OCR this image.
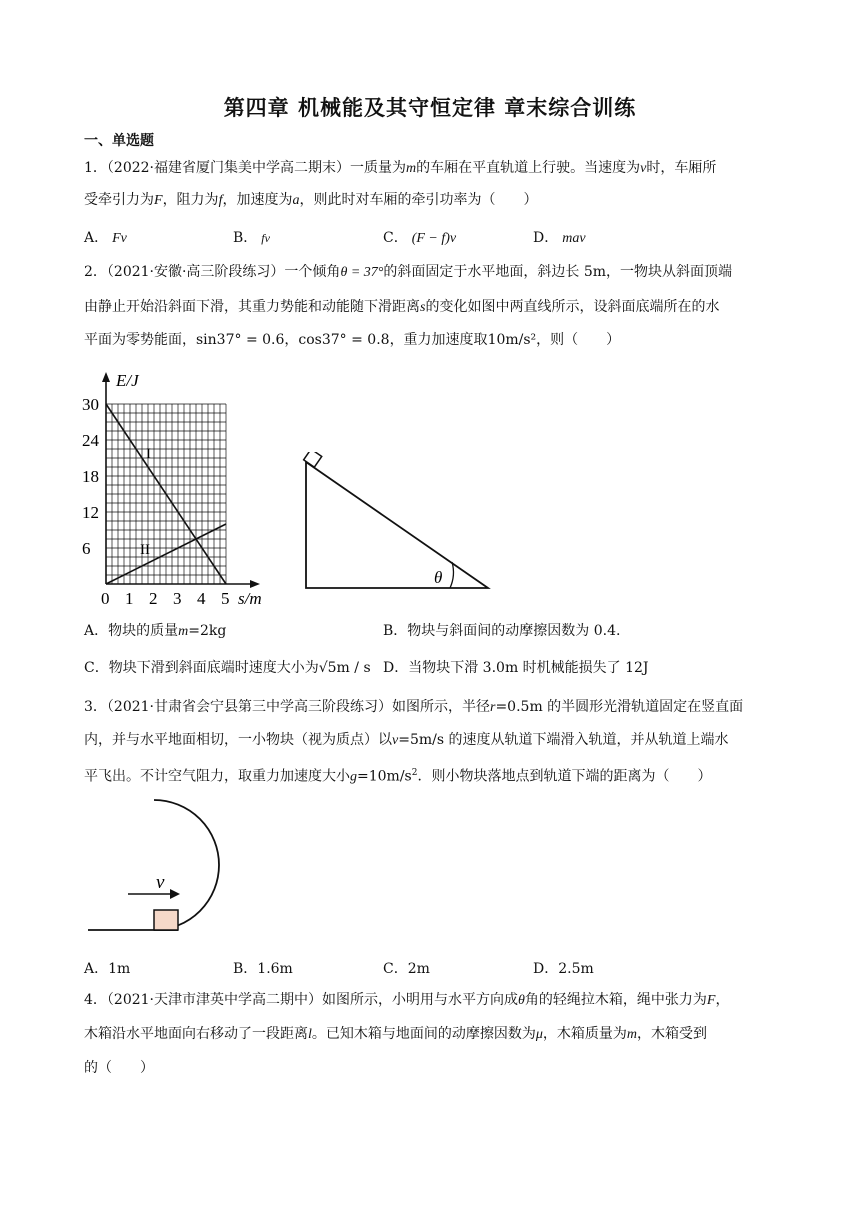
第四章 机械能及其守恒定律 章末综合训练
一、单选题
1．（2022·福建省厦门集美中学高二期末）一质量为m的车厢在平直轨道上行驶。当速度为v时，车厢所
受牵引力为F，阻力为f，加速度为a，则此时对车厢的牵引功率为（　　）
A． Fv	B． fv	C． (F − f)v	D． mav
2．（2021·安徽·高三阶段练习）一个倾角θ = 37°的斜面固定于水平地面，斜边长 5m，一物块从斜面顶端
由静止开始沿斜面下滑，其重力势能和动能随下滑距离s的变化如图中两直线所示，设斜面底端所在的水
平面为零势能面，sin37° = 0.6，cos37° = 0.8，重力加速度取10m/s²，则（　　）
0 1 2 3 4 5
6
12
18
24
30
E/J
s/m
I
II
θ
A．物块的质量m=2kg	B．物块与斜面间的动摩擦因数为 0.4.
C．物块下滑到斜面底端时速度大小为√5m / s D．当物块下滑 3.0m 时机械能损失了 12J
3．（2021·甘肃省会宁县第三中学高三阶段练习）如图所示，半径r=0.5m 的半圆形光滑轨道固定在竖直面
内，并与水平地面相切，一小物块（视为质点）以v=5m/s 的速度从轨道下端滑入轨道，并从轨道上端水
平飞出。不计空气阻力，取重力加速度大小$g=10m/s^2$．则小物块落地点到轨道下端的距离为（　　）
v
A．1m	B．1.6m	C．2m	D．2.5m
4．（2021·天津市津英中学高二期中）如图所示，小明用与水平方向成θ角的轻绳拉木箱，绳中张力为F，
木箱沿水平地面向右移动了一段距离l。已知木箱与地面间的动摩擦因数为μ，木箱质量为m，木箱受到
的（　　）
